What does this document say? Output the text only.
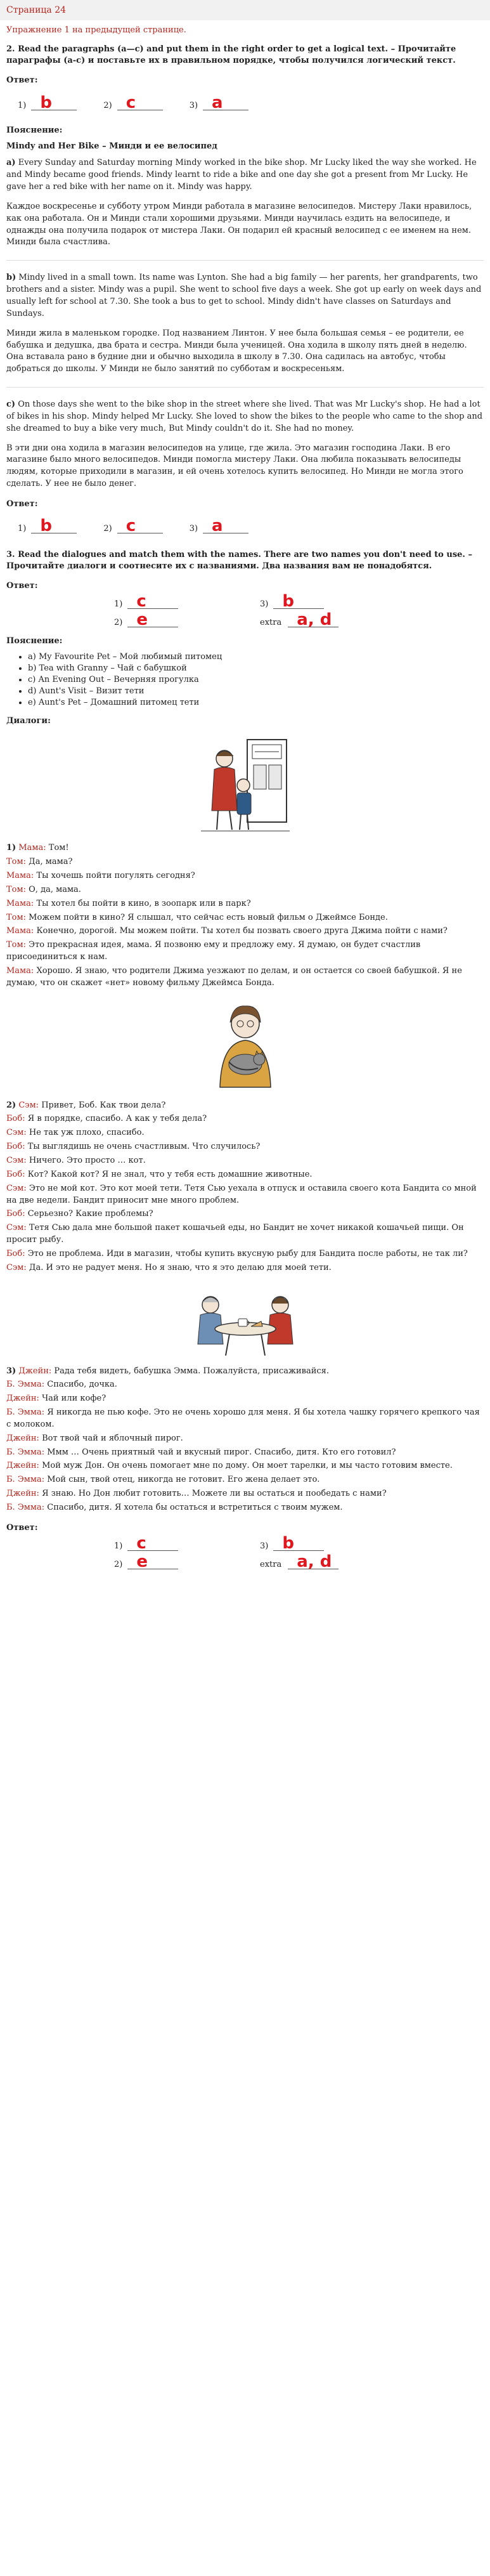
Страница 24
Упражнение 1 на предыдущей странице.

2. Read the paragraphs (a—c) and put them in the right order to get a logical text. – Прочитайте параграфы (a-c) и поставьте их в правильном порядке, чтобы получился логический текст.

Ответ:
1) b	2) c	3) a
Пояснение:
Mindy and Her Bike – Минди и ее велосипед

a) Every Sunday and Saturday morning Mindy worked in the bike shop. Mr Lucky liked the way she worked. He and Mindy became good friends. Mindy learnt to ride a bike and one day she got a present from Mr Lucky. He gave her a red bike with her name on it. Mindy was happy.

Каждое воскресенье и субботу утром Минди работала в магазине велосипедов. Мистеру Лаки нравилось, как она работала. Он и Минди стали хорошими друзьями. Минди научилась ездить на велосипеде, и однажды она получила подарок от мистера Лаки. Он подарил ей красный велосипед с ее именем на нем. Минди была счастлива.

b) Mindy lived in a small town. Its name was Lynton. She had a big family — her parents, her grandparents, two brothers and a sister. Mindy was a pupil. She went to school five days a week. She got up early on week days and usually left for school at 7.30. She took a bus to get to school. Mindy didn't have classes on Saturdays and Sundays.

Минди жила в маленьком городке. Под названием Линтон. У нее была большая семья – ее родители, ее бабушка и дедушка, два брата и сестра. Минди была ученицей. Она ходила в школу пять дней в неделю. Она вставала рано в будние дни и обычно выходила в школу в 7.30. Она садилась на автобус, чтобы добраться до школы. У Минди не было занятий по субботам и воскресеньям.

c) On those days she went to the bike shop in the street where she lived. That was Mr Lucky's shop. He had a lot of bikes in his shop. Mindy helped Mr Lucky. She loved to show the bikes to the people who came to the shop and she dreamed to buy a bike very much, But Mindy couldn't do it. She had no money.

В эти дни она ходила в магазин велосипедов на улице, где жила. Это магазин господина Лаки. В его магазине было много велосипедов. Минди помогла мистеру Лаки. Она любила показывать велосипеды людям, которые приходили в магазин, и ей очень хотелось купить велосипед. Но Минди не могла этого сделать. У нее не было денег.

Ответ:
1) b	2) c	3) a

3. Read the dialogues and match them with the names. There are two names you don't need to use. – Прочитайте диалоги и соотнесите их с названиями. Два названия вам не понадобятся.

Ответ:
1) c	3) b
2) e	extra a, d
Пояснение:
• a) My Favourite Pet – Мой любимый питомец
• b) Tea with Granny – Чай с бабушкой
• c) An Evening Out – Вечерняя прогулка
• d) Aunt's Visit – Визит тети
• e) Aunt's Pet – Домашний питомец тети
Диалоги:
1) Мама: Том!
Том: Да, мама?
Мама: Ты хочешь пойти погулять сегодня?
Том: О, да, мама.
Мама: Ты хотел бы пойти в кино, в зоопарк или в парк?
Том: Можем пойти в кино? Я слышал, что сейчас есть новый фильм о Джеймсе Бонде.
Мама: Конечно, дорогой. Мы можем пойти. Ты хотел бы позвать своего друга Джима пойти с нами?
Том: Это прекрасная идея, мама. Я позвоню ему и предложу ему. Я думаю, он будет счастлив присоединиться к нам.
Мама: Хорошо. Я знаю, что родители Джима уезжают по делам, и он остается со своей бабушкой. Я не думаю, что он скажет «нет» новому фильму Джеймса Бонда.
2) Сэм: Привет, Боб. Как твои дела?
Боб: Я в порядке, спасибо. А как у тебя дела?
Сэм: Не так уж плохо, спасибо.
Боб: Ты выглядишь не очень счастливым. Что случилось?
Сэм: Ничего. Это просто … кот.
Боб: Кот? Какой кот? Я не знал, что у тебя есть домашние животные.
Сэм: Это не мой кот. Это кот моей тети. Тетя Сью уехала в отпуск и оставила своего кота Бандита со мной на две недели. Бандит приносит мне много проблем.
Боб: Серьезно? Какие проблемы?
Сэм: Тетя Сью дала мне большой пакет кошачьей еды, но Бандит не хочет никакой кошачьей пищи. Он просит рыбу.
Боб: Это не проблема. Иди в магазин, чтобы купить вкусную рыбу для Бандита после работы, не так ли?
Сэм: Да. И это не радует меня. Но я знаю, что я это делаю для моей тети.
3) Джейн: Рада тебя видеть, бабушка Эмма. Пожалуйста, присаживайся.
Б. Эмма: Спасибо, дочка.
Джейн: Чай или кофе?
Б. Эмма: Я никогда не пью кофе. Это не очень хорошо для меня. Я бы хотела чашку горячего крепкого чая с молоком.
Джейн: Вот твой чай и яблочный пирог.
Б. Эмма: Ммм … Очень приятный чай и вкусный пирог. Спасибо, дитя. Кто его готовил?
Джейн: Мой муж Дон. Он очень помогает мне по дому. Он моет тарелки, и мы часто готовим вместе.
Б. Эмма: Мой сын, твой отец, никогда не готовит. Его жена делает это.
Джейн: Я знаю. Но Дон любит готовить… Можете ли вы остаться и пообедать с нами?
Б. Эмма: Спасибо, дитя. Я хотела бы остаться и встретиться с твоим мужем.
Ответ:
1) c	3) b
2) e	extra a, d
